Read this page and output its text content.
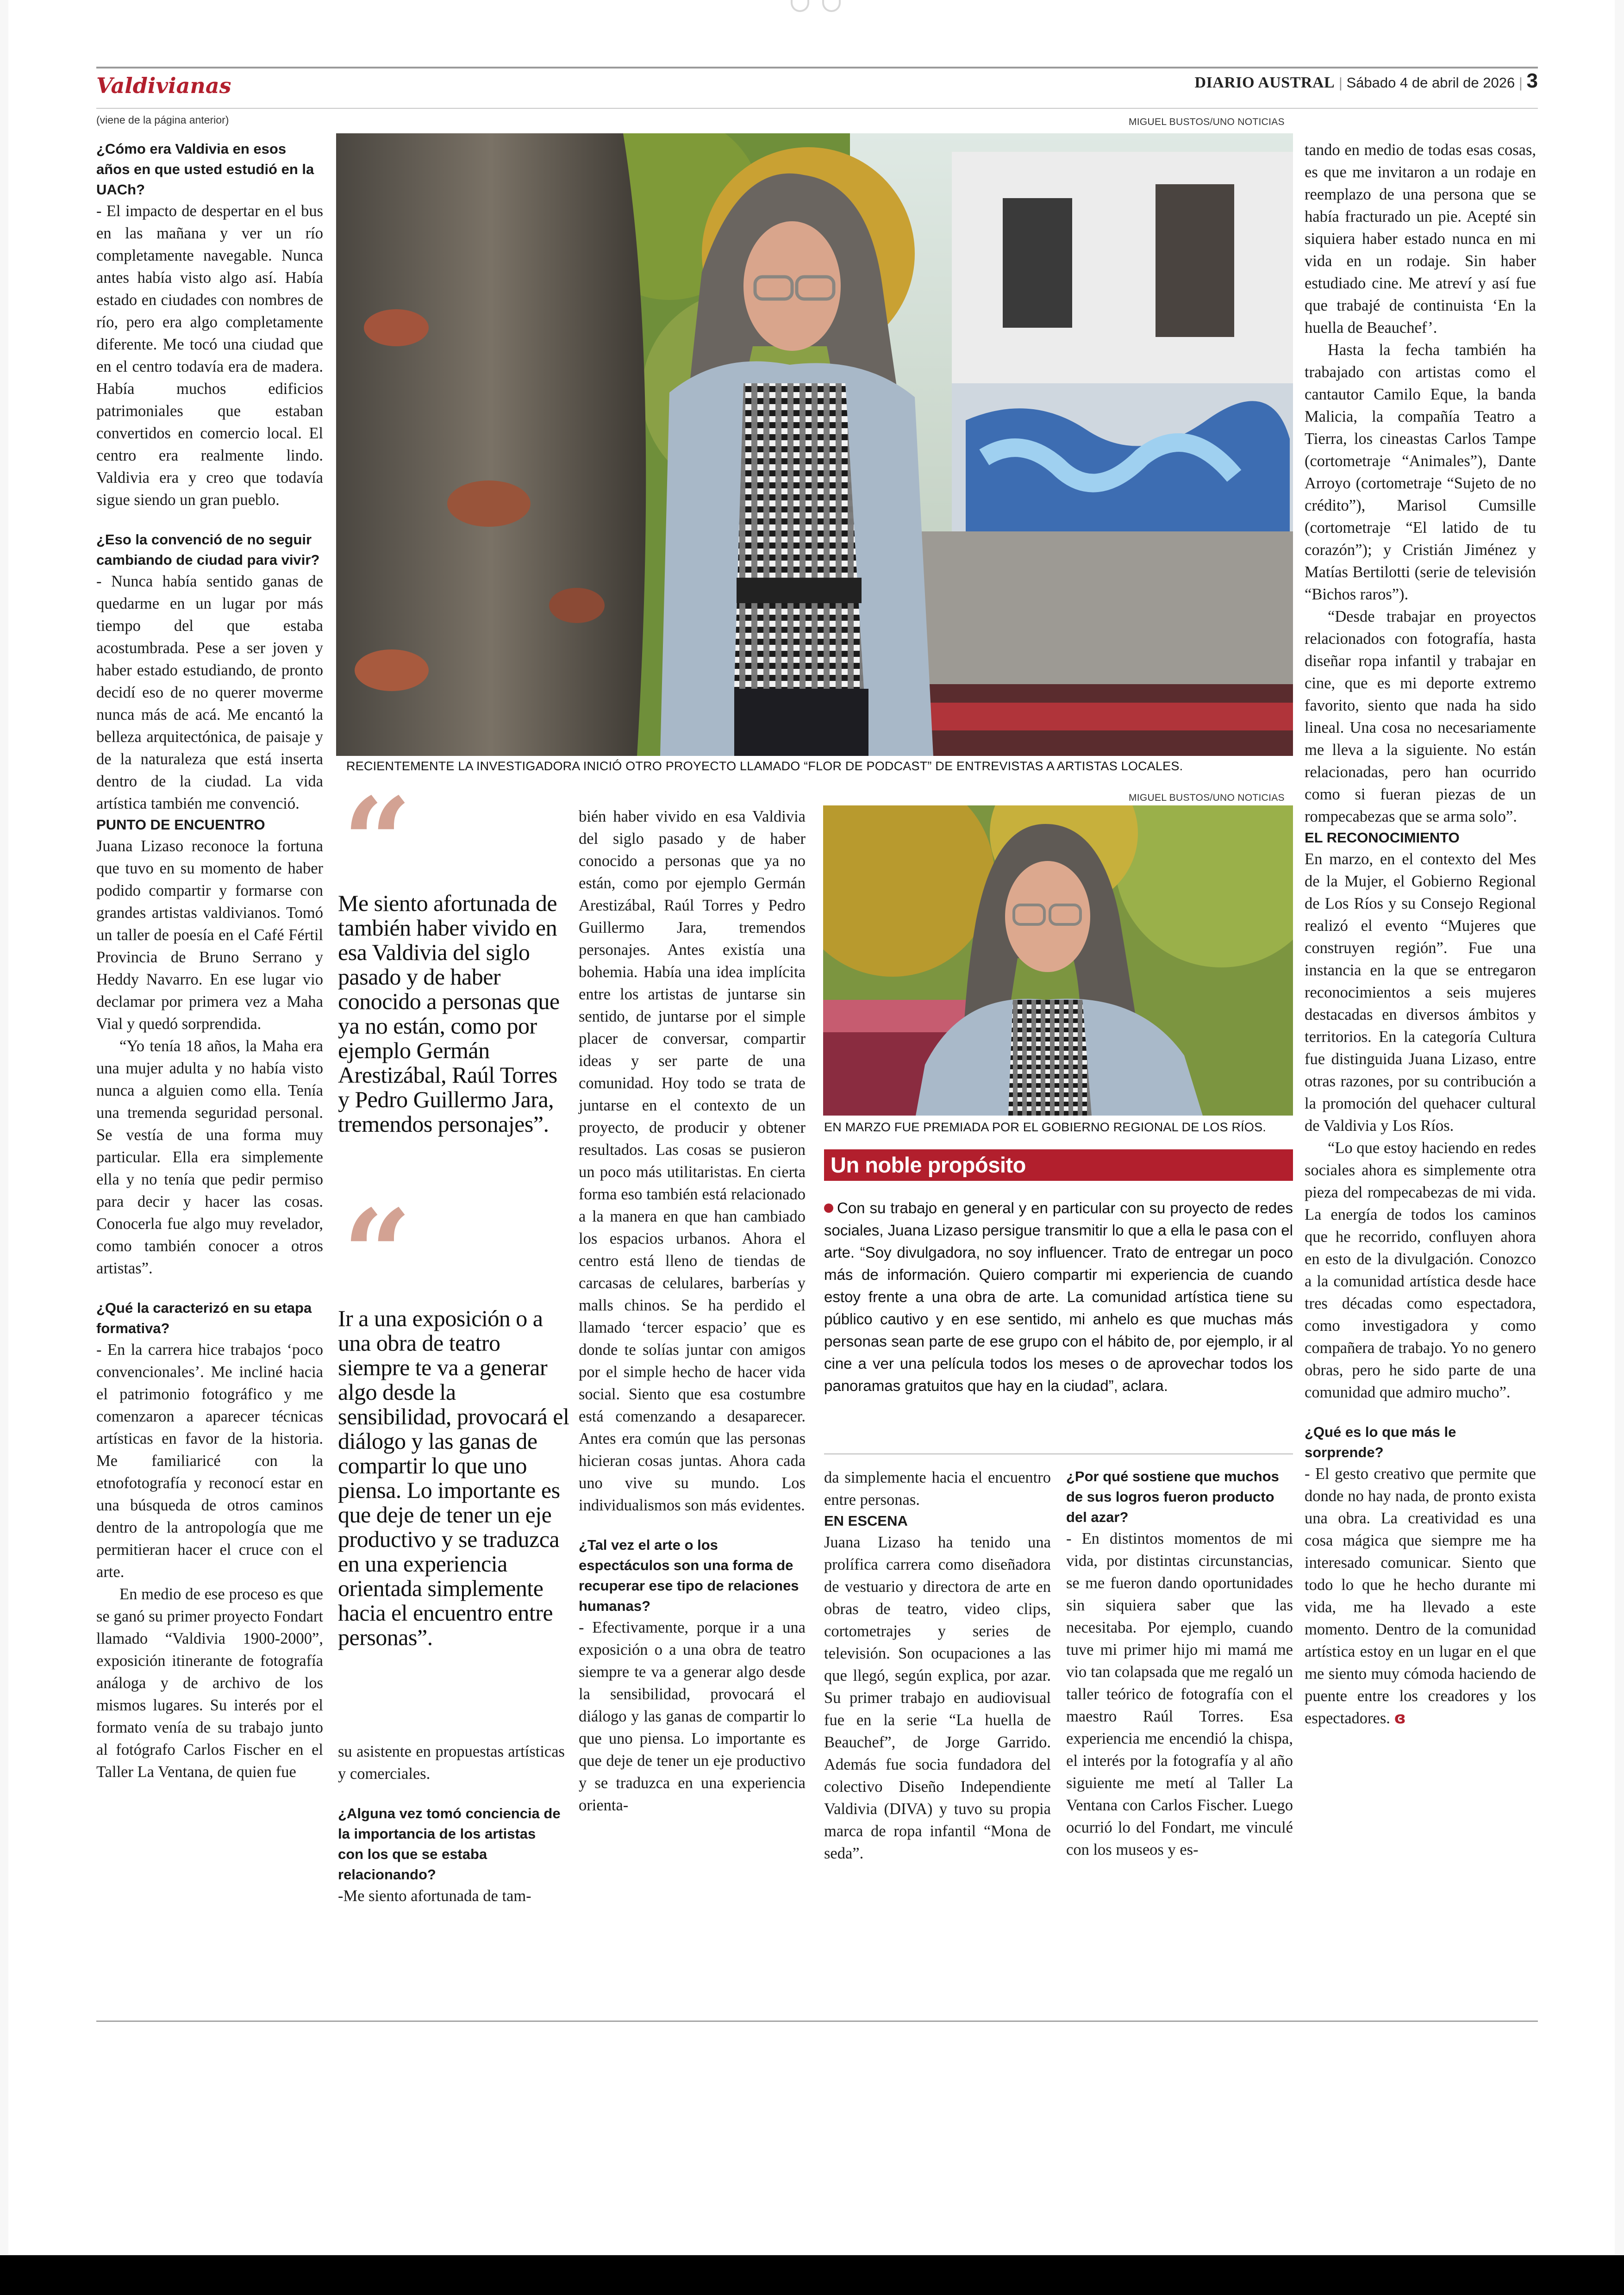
Valdivianas	DIARIO AUSTRAL | Sábado 4 de abril de 2026 | 3
(viene de la página anterior)	MIGUEL BUSTOS/UNO NOTICIAS
RECIENTEMENTE LA INVESTIGADORA INICIÓ OTRO PROYECTO LLAMADO “FLOR DE PODCAST” DE ENTREVISTAS A ARTISTAS LOCALES.

¿Cómo era Valdivia en esos años en que usted estudió en la UACh?

- El impacto de despertar en el bus en las mañana y ver un río completamente navegable. Nunca antes había visto algo así. Había estado en ciudades con nombres de río, pero era algo completamente diferente. Me tocó una ciudad que en el centro todavía era de madera. Había muchos edificios patrimoniales que estaban convertidos en comercio local. El centro era realmente lindo. Valdivia era y creo que todavía sigue siendo un gran pueblo.

¿Eso la convenció de no seguir cambiando de ciudad para vivir?

- Nunca había sentido ganas de quedarme en un lugar por más tiempo del que estaba acostumbrada. Pese a ser joven y haber estado estudiando, de pronto decidí eso de no querer moverme nunca más de acá. Me encantó la belleza arquitectónica, de paisaje y de la naturaleza que está inserta dentro de la ciudad. La vida artística también me convenció.

PUNTO DE ENCUENTRO

Juana Lizaso reconoce la fortuna que tuvo en su momento de haber podido compartir y formarse con grandes artistas valdivianos. Tomó un taller de poesía en el Café Fértil Provincia de Bruno Serrano y Heddy Navarro. En ese lugar vio declamar por primera vez a Maha Vial y quedó sorprendida.

“Yo tenía 18 años, la Maha era una mujer adulta y no había visto nunca a alguien como ella. Tenía una tremenda seguridad personal. Se vestía de una forma muy particular. Ella era simplemente ella y no tenía que pedir permiso para decir y hacer las cosas. Conocerla fue algo muy revelador, como también conocer a otros artistas”.

¿Qué la caracterizó en su etapa formativa?

- En la carrera hice trabajos ‘poco convencionales’. Me incliné hacia el patrimonio fotográfico y me comenzaron a aparecer técnicas artísticas en favor de la historia. Me familiaricé con la etnofotografía y reconocí estar en una búsqueda de otros caminos dentro de la antropología que me permitieran hacer el cruce con el arte.

En medio de ese proceso es que se ganó su primer proyecto Fondart llamado “Valdivia 1900-2000”, exposición itinerante de fotografía análoga y de archivo de los mismos lugares. Su interés por el formato venía de su trabajo junto al fotógrafo Carlos Fischer en el Taller La Ventana, de quien fue

“
Me siento afortunada de también haber vivido en esa Valdivia del siglo pasado y de haber conocido a personas que ya no están, como por ejemplo Germán Arestizábal, Raúl Torres y Pedro Guillermo Jara, tremendos personajes”.
“
Ir a una exposición o a una obra de teatro siempre te va a generar algo desde la sensibilidad, provocará el diálogo y las ganas de compartir lo que uno piensa. Lo importante es que deje de tener un eje productivo y se traduzca en una experiencia orientada simplemente hacia el encuentro entre personas”.

su asistente en propuestas artísticas y comerciales.

¿Alguna vez tomó conciencia de la importancia de los artistas con los que se estaba relacionando?

-Me siento afortunada de tam-

bién haber vivido en esa Valdivia del siglo pasado y de haber conocido a personas que ya no están, como por ejemplo Germán Arestizábal, Raúl Torres y Pedro Guillermo Jara, tremendos personajes. Antes existía una bohemia. Había una idea implícita entre los artistas de juntarse sin sentido, de juntarse por el simple placer de conversar, compartir ideas y ser parte de una comunidad. Hoy todo se trata de juntarse en el contexto de un proyecto, de producir y obtener resultados. Las cosas se pusieron un poco más utilitaristas. En cierta forma eso también está relacionado a la manera en que han cambiado los espacios urbanos. Ahora el centro está lleno de tiendas de carcasas de celulares, barberías y malls chinos. Se ha perdido el llamado ‘tercer espacio’ que es donde te solías juntar con amigos por el simple hecho de hacer vida social. Siento que esa costumbre está comenzando a desaparecer. Antes era común que las personas hicieran cosas juntas. Ahora cada uno vive su mundo. Los individualismos son más evidentes.

¿Tal vez el arte o los espectáculos son una forma de recuperar ese tipo de relaciones humanas?

- Efectivamente, porque ir a una exposición o a una obra de teatro siempre te va a generar algo desde la sensibilidad, provocará el diálogo y las ganas de compartir lo que uno piensa. Lo importante es que deje de tener un eje productivo y se traduzca en una experiencia orienta-

MIGUEL BUSTOS/UNO NOTICIAS
EN MARZO FUE PREMIADA POR EL GOBIERNO REGIONAL DE LOS RÍOS.
Un noble propósito
Con su trabajo en general y en particular con su proyecto de redes sociales, Juana Lizaso persigue transmitir lo que a ella le pasa con el arte. “Soy divulgadora, no soy influencer. Trato de entregar un poco más de información. Quiero compartir mi experiencia de cuando estoy frente a una obra de arte. La comunidad artística tiene su público cautivo y en ese sentido, mi anhelo es que muchas más personas sean parte de ese grupo con el hábito de, por ejemplo, ir al cine a ver una película todos los meses o de aprovechar todos los panoramas gratuitos que hay en la ciudad”, aclara.

da simplemente hacia el encuentro entre personas.

EN ESCENA

Juana Lizaso ha tenido una prolífica carrera como diseñadora de vestuario y directora de arte en obras de teatro, video clips, cortometrajes y series de televisión. Son ocupaciones a las que llegó, según explica, por azar. Su primer trabajo en audiovisual fue en la serie “La huella de Beauchef”, de Jorge Garrido. Además fue socia fundadora del colectivo Diseño Independiente Valdivia (DIVA) y tuvo su propia marca de ropa infantil “Mona de seda”.

¿Por qué sostiene que muchos de sus logros fueron producto del azar?

- En distintos momentos de mi vida, por distintas circunstancias, se me fueron dando oportunidades sin siquiera saber que las necesitaba. Por ejemplo, cuando tuve mi primer hijo mi mamá me vio tan colapsada que me regaló un taller teórico de fotografía con el maestro Raúl Torres. Esa experiencia me encendió la chispa, el interés por la fotografía y al año siguiente me metí al Taller La Ventana con Carlos Fischer. Luego ocurrió lo del Fondart, me vinculé con los museos y es-

tando en medio de todas esas cosas, es que me invitaron a un rodaje en reemplazo de una persona que se había fracturado un pie. Acepté sin siquiera haber estado nunca en mi vida en un rodaje. Sin haber estudiado cine. Me atreví y así fue que trabajé de continuista ‘En la huella de Beauchef’.

Hasta la fecha también ha trabajado con artistas como el cantautor Camilo Eque, la banda Malicia, la compañía Teatro a Tierra, los cineastas Carlos Tampe (cortometraje “Animales”), Dante Arroyo (cortometraje “Sujeto de no crédito”), Marisol Cumsille (cortometraje “El latido de tu corazón”); y Cristián Jiménez y Matías Bertilotti (serie de televisión “Bichos raros”).

“Desde trabajar en proyectos relacionados con fotografía, hasta diseñar ropa infantil y trabajar en cine, que es mi deporte extremo favorito, siento que nada ha sido lineal. Una cosa no necesariamente me lleva a la siguiente. No están relacionadas, pero han ocurrido como si fueran piezas de un rompecabezas que se arma solo”.

EL RECONOCIMIENTO

En marzo, en el contexto del Mes de la Mujer, el Gobierno Regional de Los Ríos y su Consejo Regional realizó el evento “Mujeres que construyen región”. Fue una instancia en la que se entregaron reconocimientos a seis mujeres destacadas en diversos ámbitos y territorios. En la categoría Cultura fue distinguida Juana Lizaso, entre otras razones, por su contribución a la promoción del quehacer cultural de Valdivia y Los Ríos.

“Lo que estoy haciendo en redes sociales ahora es simplemente otra pieza del rompecabezas de mi vida. La energía de todos los caminos que he recorrido, confluyen ahora en esto de la divulgación. Conozco a la comunidad artística desde hace tres décadas como espectadora, como investigadora y como compañera de trabajo. Yo no genero obras, pero he sido parte de una comunidad que admiro mucho”.

¿Qué es lo que más le sorprende?

- El gesto creativo que permite que donde no hay nada, de pronto exista una obra. La creatividad es una cosa mágica que siempre me ha interesado comunicar. Siento que todo lo que he hecho durante mi vida, me ha llevado a este momento. Dentro de la comunidad artística estoy en un lugar en el que me siento muy cómoda haciendo de puente entre los creadores y los espectadores. ɞ
